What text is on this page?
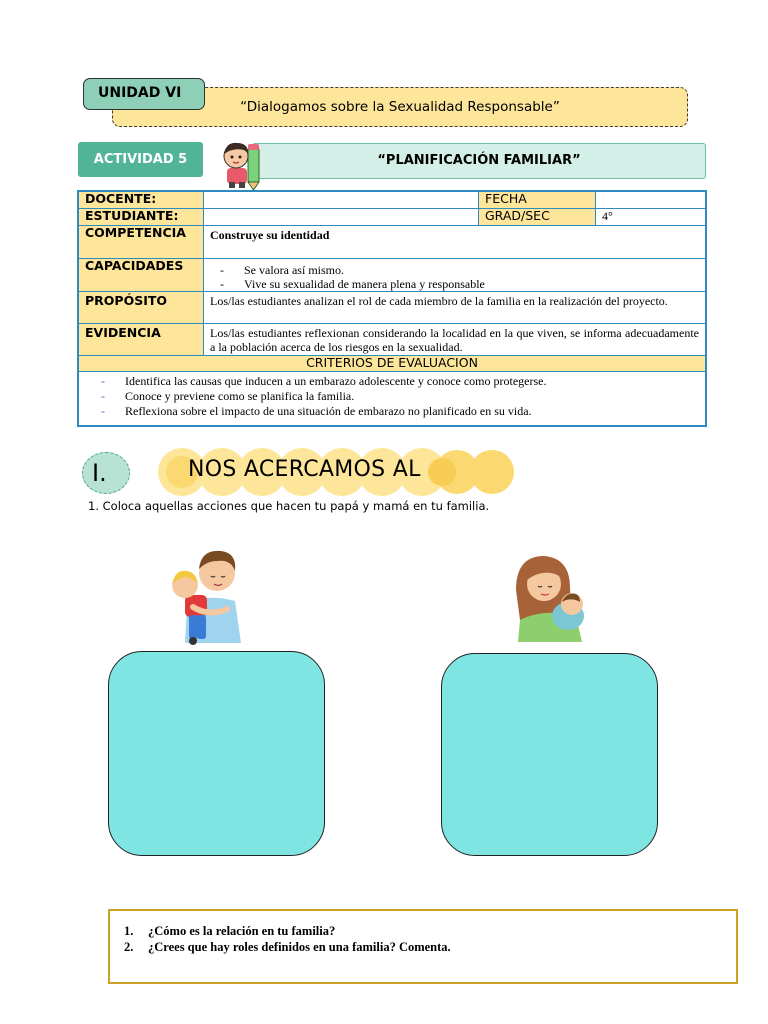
“Dialogamos sobre la Sexualidad Responsable”
UNIDAD VI
ACTIVIDAD 5	“PLANIFICACIÓN FAMILIAR”
DOCENTE:		FECHA	
ESTUDIANTE:		GRAD/SEC	4°
COMPETENCIA	Construye su identidad		
CAPACIDADES	- Se valora así mismo.
- Vive su sexualidad de manera plena y responsable		

PROPÓSITO	Los/las estudiantes analizan el rol de cada miembro de la familia en la realización del proyecto.		
EVIDENCIA	Los/las estudiantes reflexionan considerando la localidad en la que viven, se informa adecuadamente a la población acerca de los riesgos en la sexualidad.		
CRITERIOS DE EVALUACION			

- Identifica las causas que inducen a un embarazo adolescente y conoce como protegerse.
- Conoce y previene como se planifica la familia.
- Reflexiona sobre el impacto de una situación de embarazo no planificado en su vida.			
I.	NOS ACERCAMOS AL
1. Coloca aquellas acciones que hacen tu papá y mamá en tu familia.
1. ¿Cómo es la relación en tu familia?
2. ¿Crees que hay roles definidos en una familia? Comenta.
